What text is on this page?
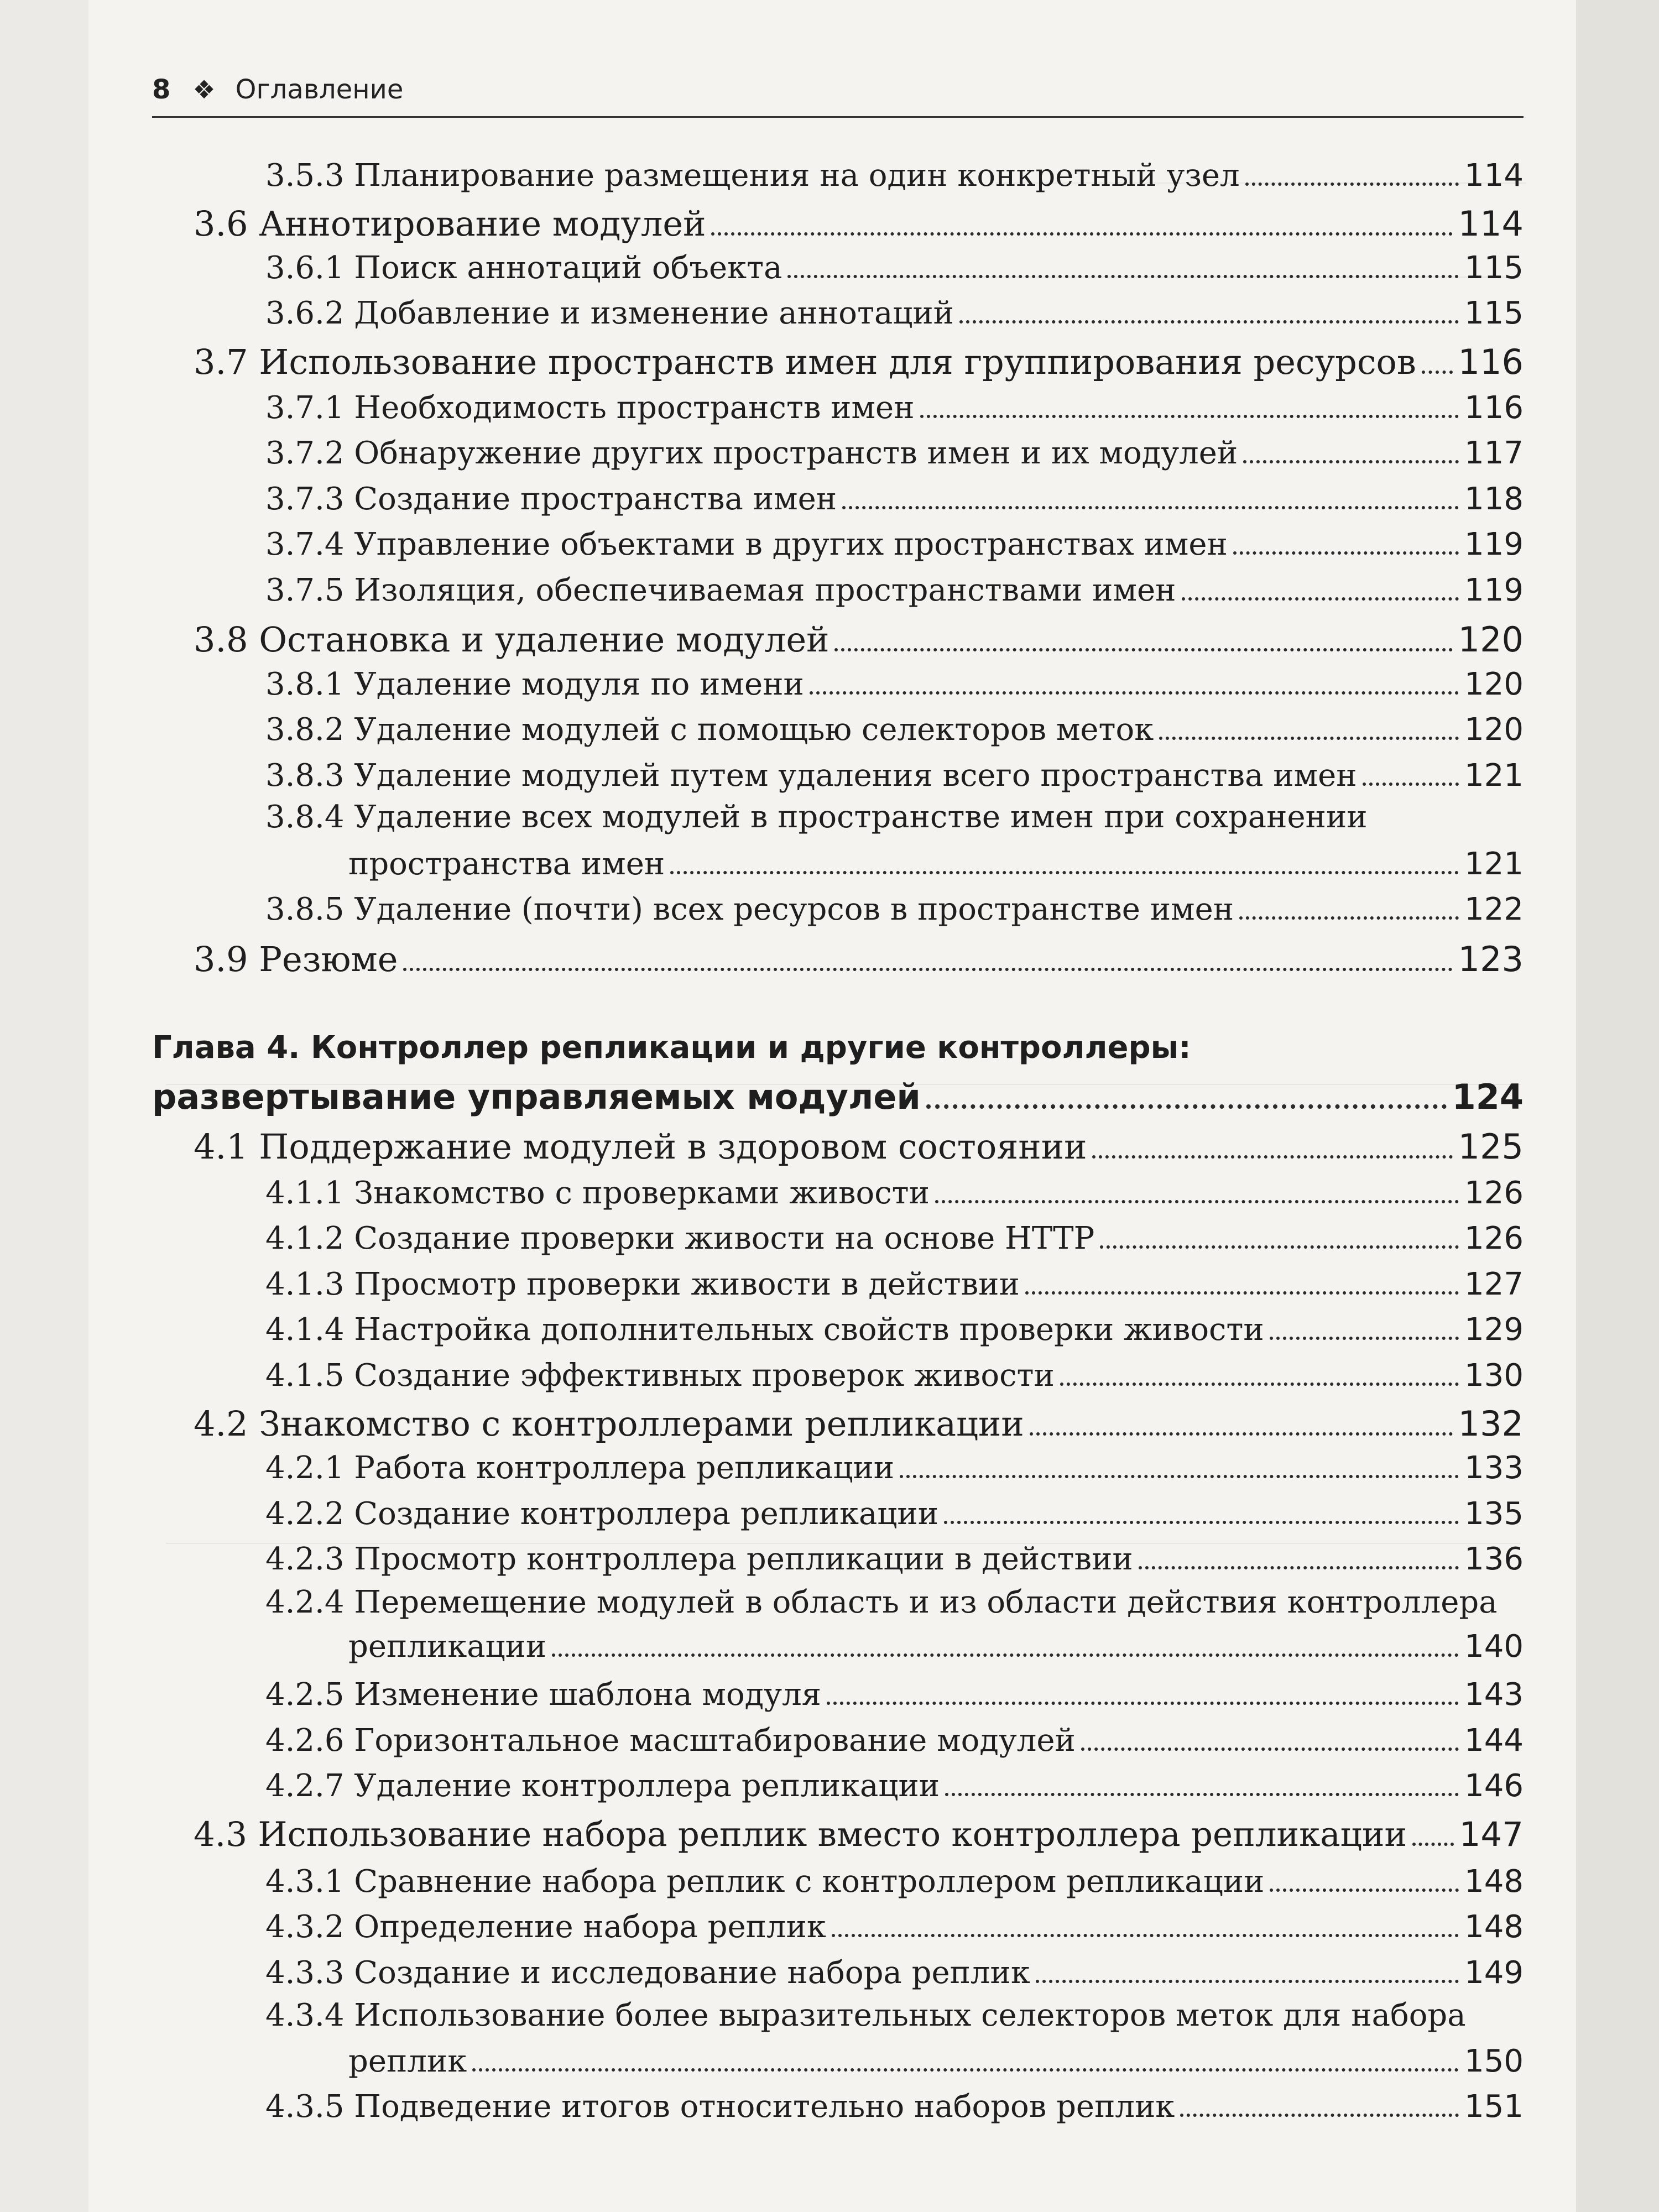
8 ❖ Оглавление
3.5.3 Планирование размещения на один конкретный узел	114
3.6 Аннотирование модулей	114
3.6.1 Поиск аннотаций объекта	115
3.6.2 Добавление и изменение аннотаций	115
3.7 Использование пространств имен для группирования ресурсов 116
3.7.1 Необходимость пространств имен	116
3.7.2 Обнаружение других пространств имен и их модулей	117
3.7.3 Создание пространства имен	118
3.7.4 Управление объектами в других пространствах имен	119
3.7.5 Изоляция, обеспечиваемая пространствами имен	119
3.8 Остановка и удаление модулей	120
3.8.1 Удаление модуля по имени	120
3.8.2 Удаление модулей с помощью селекторов меток	120
3.8.3 Удаление модулей путем удаления всего пространства имен	121
3.8.4 Удаление всех модулей в пространстве имен при сохранении
пространства имен	121
3.8.5 Удаление (почти) всех ресурсов в пространстве имен	122
3.9 Резюме	123
Глава 4. Контроллер репликации и другие контроллеры:
развертывание управляемых модулей	124
4.1 Поддержание модулей в здоровом состоянии	125
4.1.1 Знакомство с проверками живости	126
4.1.2 Создание проверки живости на основе HTTP	126
4.1.3 Просмотр проверки живости в действии	127
4.1.4 Настройка дополнительных свойств проверки живости	129
4.1.5 Создание эффективных проверок живости	130
4.2 Знакомство с контроллерами репликации	132
4.2.1 Работа контроллера репликации	133
4.2.2 Создание контроллера репликации	135
4.2.3 Просмотр контроллера репликации в действии	136
4.2.4 Перемещение модулей в область и из области действия контроллера
репликации	140
4.2.5 Изменение шаблона модуля	143
4.2.6 Горизонтальное масштабирование модулей	144
4.2.7 Удаление контроллера репликации	146
4.3 Использование набора реплик вместо контроллера репликации 147
4.3.1 Сравнение набора реплик с контроллером репликации	148
4.3.2 Определение набора реплик	148
4.3.3 Создание и исследование набора реплик	149
4.3.4 Использование более выразительных селекторов меток для набора
реплик	150
4.3.5 Подведение итогов относительно наборов реплик	151
